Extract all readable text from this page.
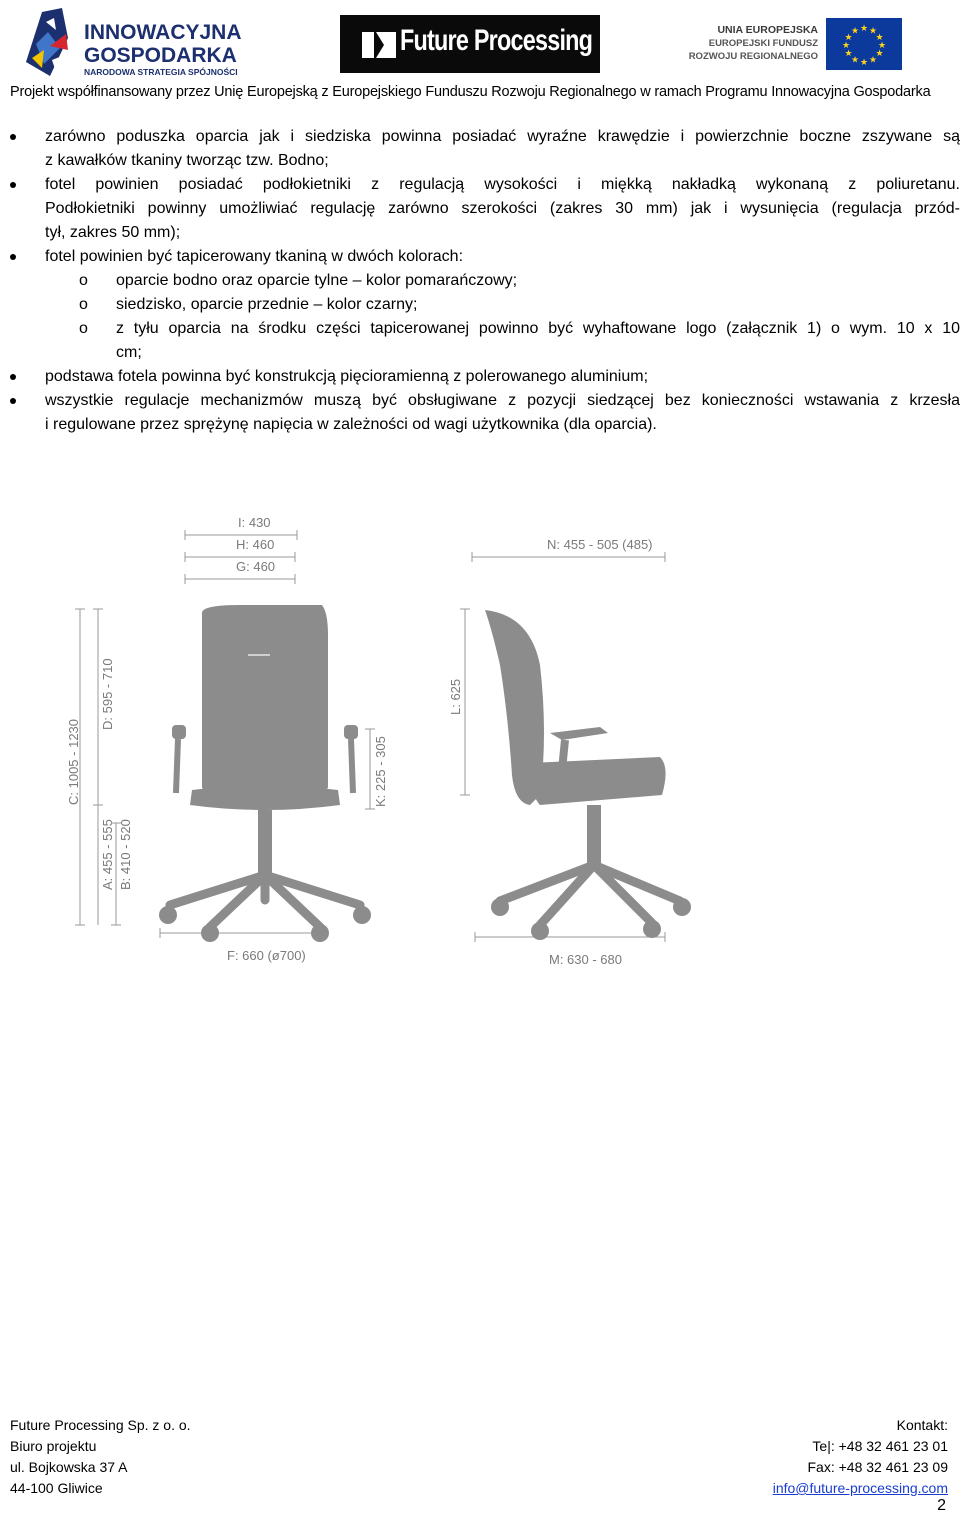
INNOWACYJNA
GOSPODARKA
NARODOWA STRATEGIA SPÓJNOŚCI
Future Processing	UNIA EUROPEJSKA
EUROPEJSKI FUNDUSZ
ROZWOJU REGIONALNEGO
★ ★
★
★
★
★
★
★
★
★
★
★
Projekt współfinansowany przez Unię Europejską z Europejskiego Funduszu Rozwoju Regionalnego w ramach Programu Innowacyjna Gospodarka
zarówno poduszka oparcia jak i siedziska powinna posiadać wyraźne krawędzie i powierzchnie boczne zszywane są
z kawałków tkaniny tworząc tzw. Bodno;
fotel powinien posiadać podłokietniki z regulacją wysokości i miękką nakładką wykonaną z poliuretanu.
Podłokietniki powinny umożliwiać regulację zarówno szerokości (zakres 30 mm) jak i wysunięcia (regulacja przód-
tył, zakres 50 mm);
fotel powinien być tapicerowany tkaniną w dwóch kolorach:
o oparcie bodno oraz oparcie tylne – kolor pomarańczowy;
o siedzisko, oparcie przednie – kolor czarny;
o z tyłu oparcia na środku części tapicerowanej powinno być wyhaftowane logo (załącznik 1) o wym. 10 x 10
cm;
podstawa fotela powinna być konstrukcją pięcioramienną z polerowanego aluminium;
wszystkie regulacje mechanizmów muszą być obsługiwane z pozycji siedzącej bez konieczności wstawania z krzesła
i regulowane przez sprężynę napięcia w zależności od wagi użytkownika (dla oparcia).
I: 430
H: 460
G: 460
N: 455 - 505 (485)
F: 660 (ø700)	M: 630 - 680
C: 1005 - 1230
D: 595 - 710
A: 455 - 555 B: 410 - 520
K: 225 - 305
L: 625
Future Processing Sp. z o. o.
Biuro projektu
ul. Bojkowska 37 A
44-100 Gliwice
Kontakt:
Te|: +48 32 461 23 01
Fax: +48 32 461 23 09
info@future-processing.com
2
